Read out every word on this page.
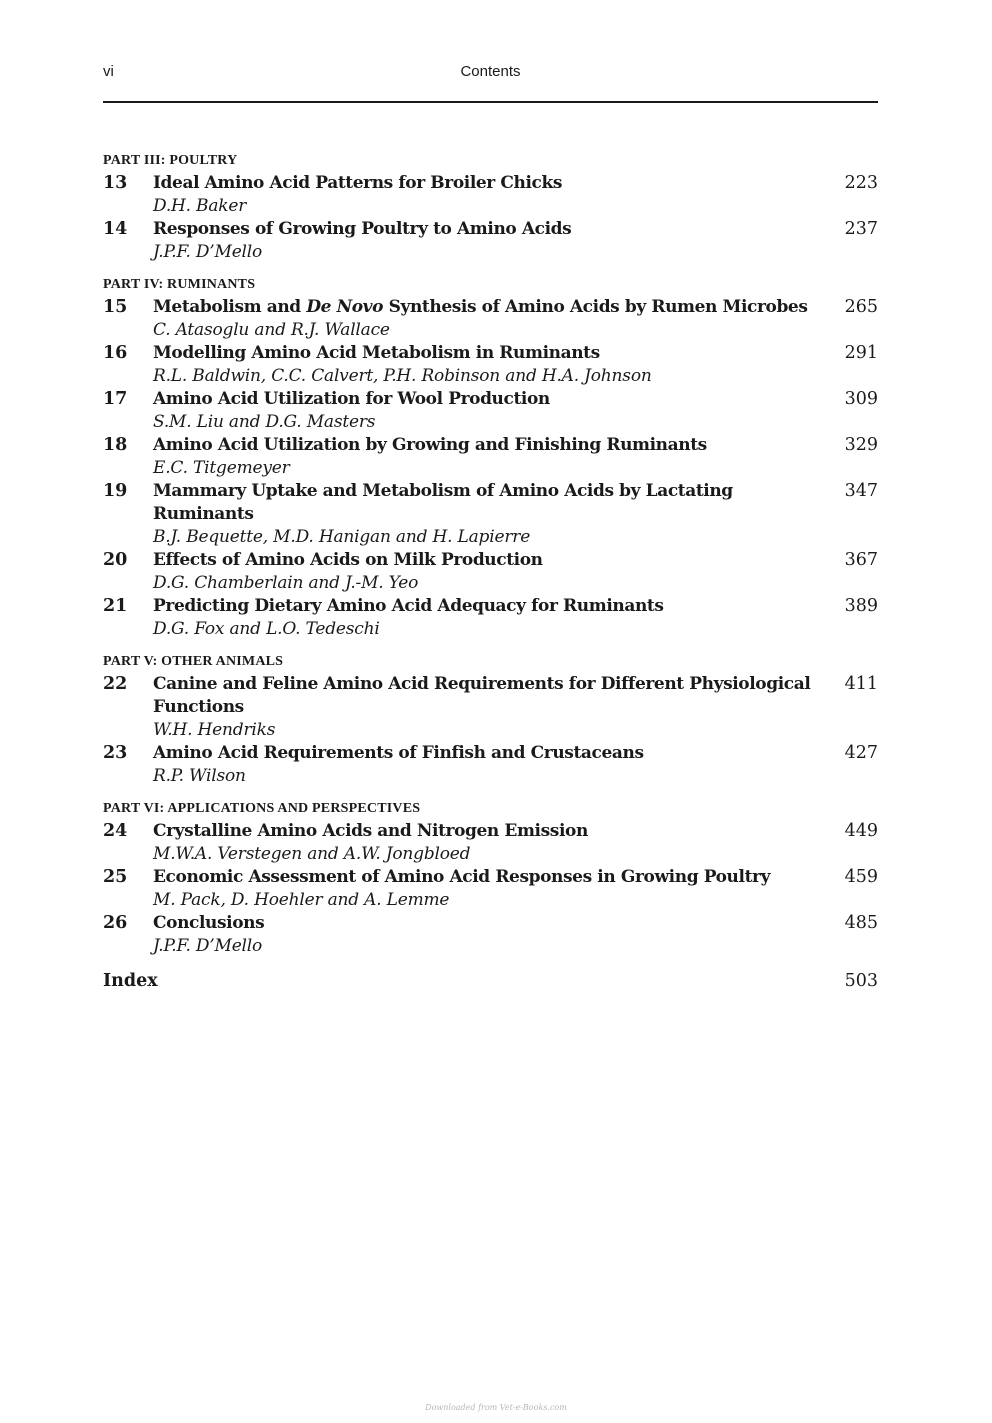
vi	Contents
PART III: POULTRY
13 Ideal Amino Acid Patterns for Broiler Chicks
D.H. Baker
223
14 Responses of Growing Poultry to Amino Acids
J.P.F. D’Mello
237
PART IV: RUMINANTS
15 Metabolism and De Novo Synthesis of Amino Acids by Rumen Microbes
C. Atasoglu and R.J. Wallace
265
16 Modelling Amino Acid Metabolism in Ruminants
R.L. Baldwin, C.C. Calvert, P.H. Robinson and H.A. Johnson
291
17 Amino Acid Utilization for Wool Production
S.M. Liu and D.G. Masters
309
18 Amino Acid Utilization by Growing and Finishing Ruminants
E.C. Titgemeyer
329
19 Mammary Uptake and Metabolism of Amino Acids by Lactating
Ruminants
B.J. Bequette, M.D. Hanigan and H. Lapierre
347
20 Effects of Amino Acids on Milk Production
D.G. Chamberlain and J.-M. Yeo
367
21 Predicting Dietary Amino Acid Adequacy for Ruminants
D.G. Fox and L.O. Tedeschi
389
PART V: OTHER ANIMALS
22 Canine and Feline Amino Acid Requirements for Different Physiological
Functions
W.H. Hendriks
411
23 Amino Acid Requirements of Finfish and Crustaceans
R.P. Wilson
427
PART VI: APPLICATIONS AND PERSPECTIVES
24 Crystalline Amino Acids and Nitrogen Emission
M.W.A. Verstegen and A.W. Jongbloed
449
25 Economic Assessment of Amino Acid Responses in Growing Poultry
M. Pack, D. Hoehler and A. Lemme
459
26 Conclusions
J.P.F. D’Mello
485
Index	503
Downloaded from Vet-e-Books.com
